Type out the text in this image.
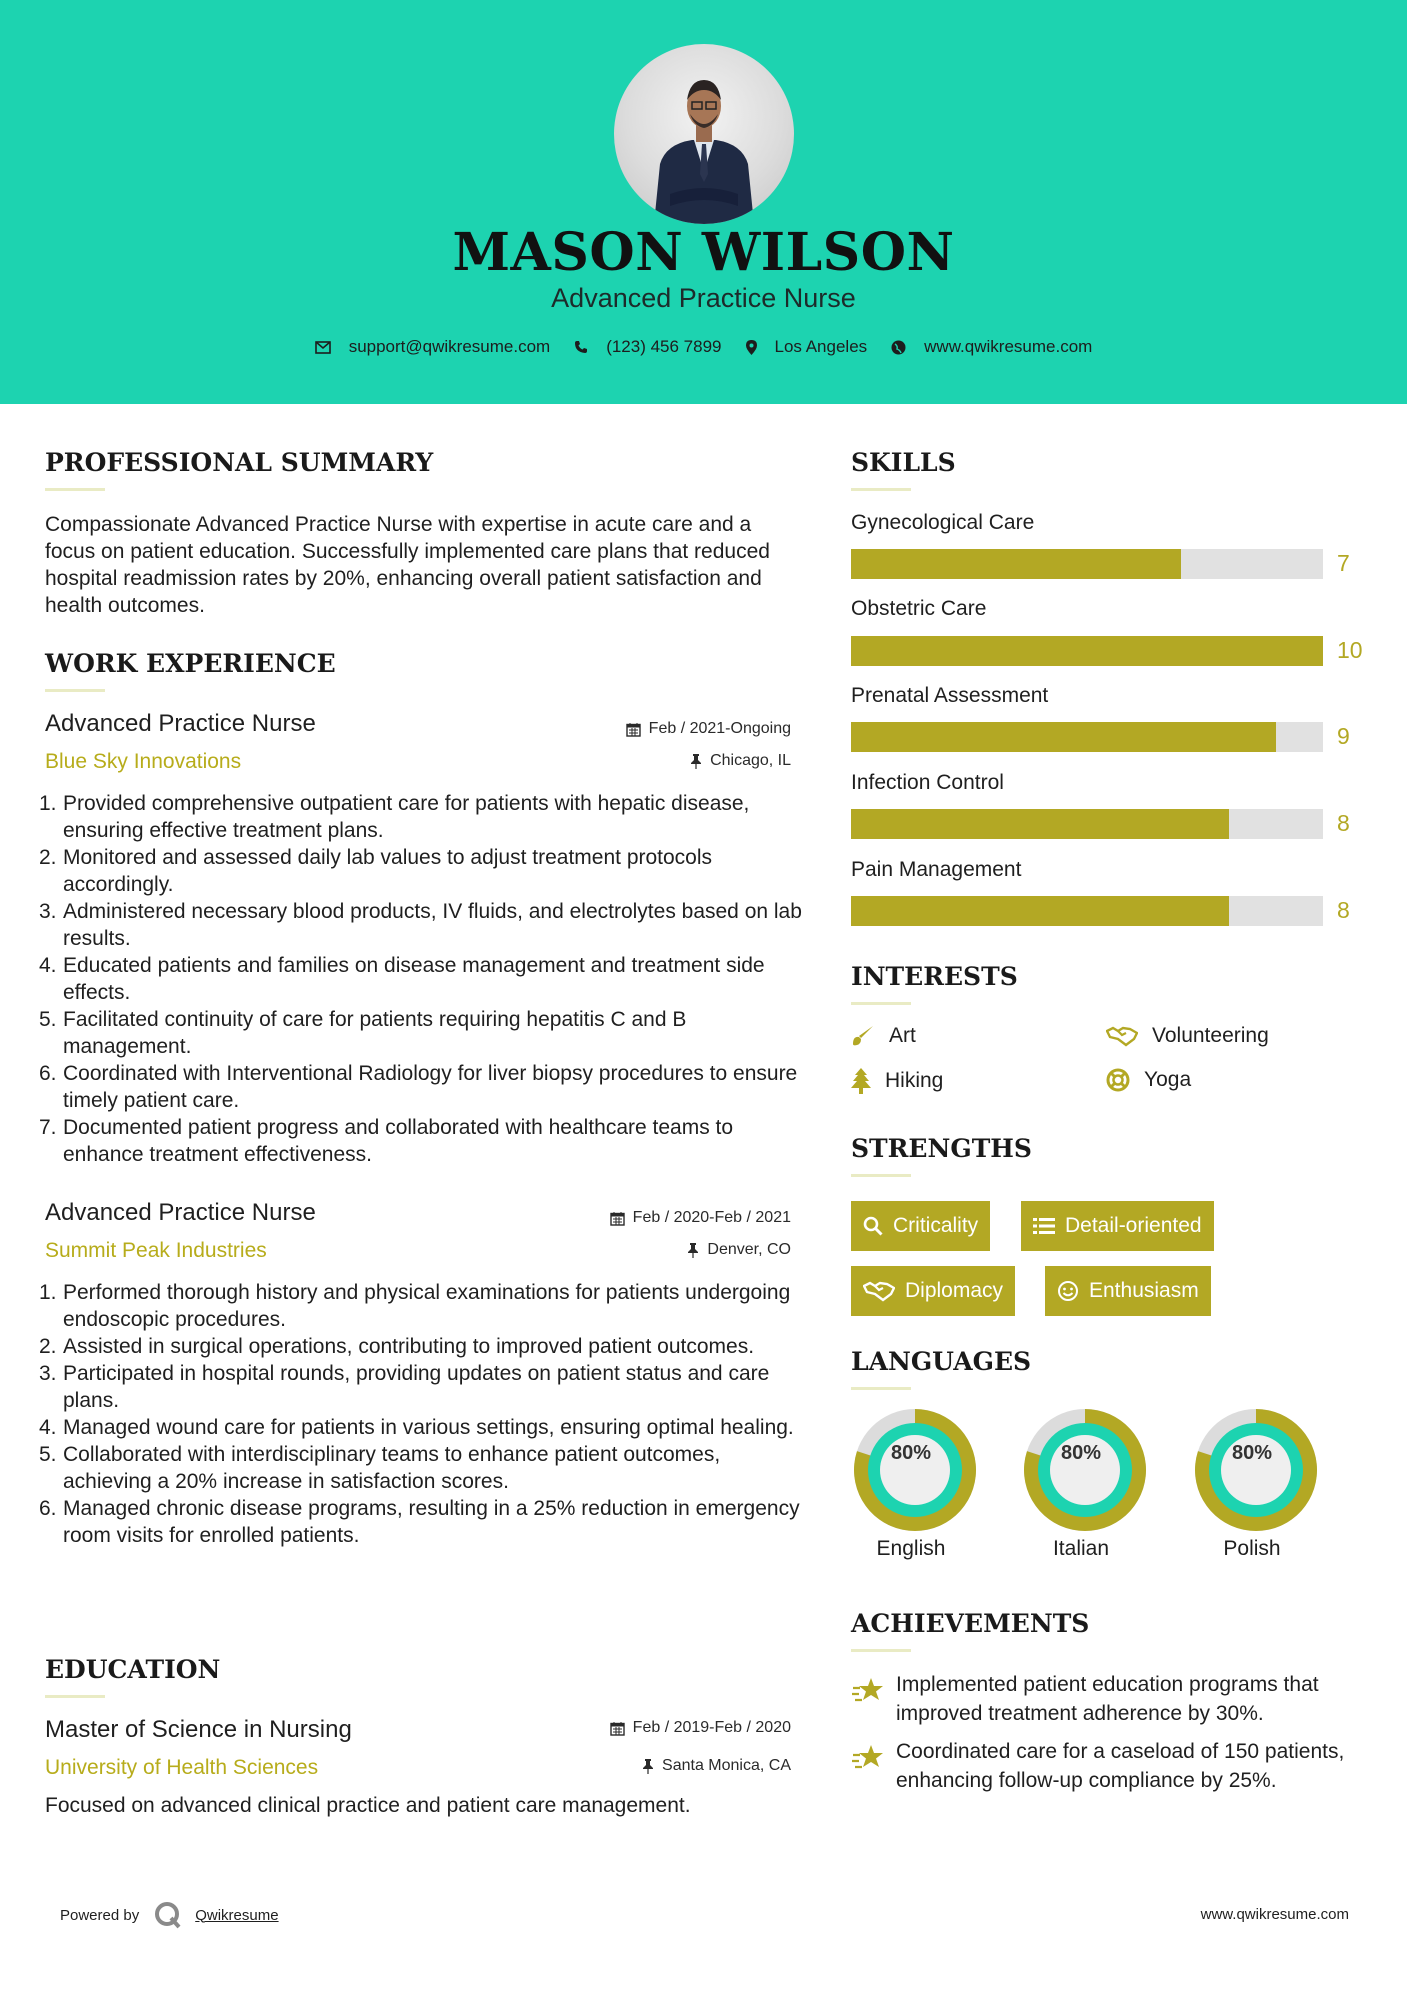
MASON WILSON
Advanced Practice Nurse
support@qwikresume.com	(123) 456 7899	Los Angeles	www.qwikresume.com
PROFESSIONAL SUMMARY
Compassionate Advanced Practice Nurse with expertise in acute care and a focus on patient education. Successfully implemented care plans that reduced hospital readmission rates by 20%, enhancing overall patient satisfaction and health outcomes.
WORK EXPERIENCE
Advanced Practice Nurse
Blue Sky Innovations
Feb / 2021-Ongoing
Chicago, IL
1. Provided comprehensive outpatient care for patients with hepatic disease, ensuring effective treatment plans.
2. Monitored and assessed daily lab values to adjust treatment protocols accordingly.
3. Administered necessary blood products, IV fluids, and electrolytes based on lab results.
4. Educated patients and families on disease management and treatment side effects.
5. Facilitated continuity of care for patients requiring hepatitis C and B management.
6. Coordinated with Interventional Radiology for liver biopsy procedures to ensure timely patient care.
7. Documented patient progress and collaborated with healthcare teams to enhance treatment effectiveness.
Advanced Practice Nurse
Summit Peak Industries
Feb / 2020-Feb / 2021
Denver, CO
1. Performed thorough history and physical examinations for patients undergoing endoscopic procedures.
2. Assisted in surgical operations, contributing to improved patient outcomes.
3. Participated in hospital rounds, providing updates on patient status and care plans.
4. Managed wound care for patients in various settings, ensuring optimal healing.
5. Collaborated with interdisciplinary teams to enhance patient outcomes, achieving a 20% increase in satisfaction scores.
6. Managed chronic disease programs, resulting in a 25% reduction in emergency room visits for enrolled patients.
EDUCATION
Master of Science in Nursing
University of Health Sciences
Feb / 2019-Feb / 2020
Santa Monica, CA
Focused on advanced clinical practice and patient care management.
SKILLS
Gynecological Care
7
Obstetric Care
10
Prenatal Assessment
9
Infection Control
8
Pain Management
8
INTERESTS
Art	Volunteering
Hiking	Yoga
STRENGTHS
Criticality	Detail-oriented
Diplomacy	Enthusiasm
LANGUAGES
80%
English
80%
Italian
80%
Polish
ACHIEVEMENTS
Implemented patient education programs that improved treatment adherence by 30%.
Coordinated care for a caseload of 150 patients, enhancing follow-up compliance by 25%.
Powered by	Qwikresume	www.qwikresume.com
